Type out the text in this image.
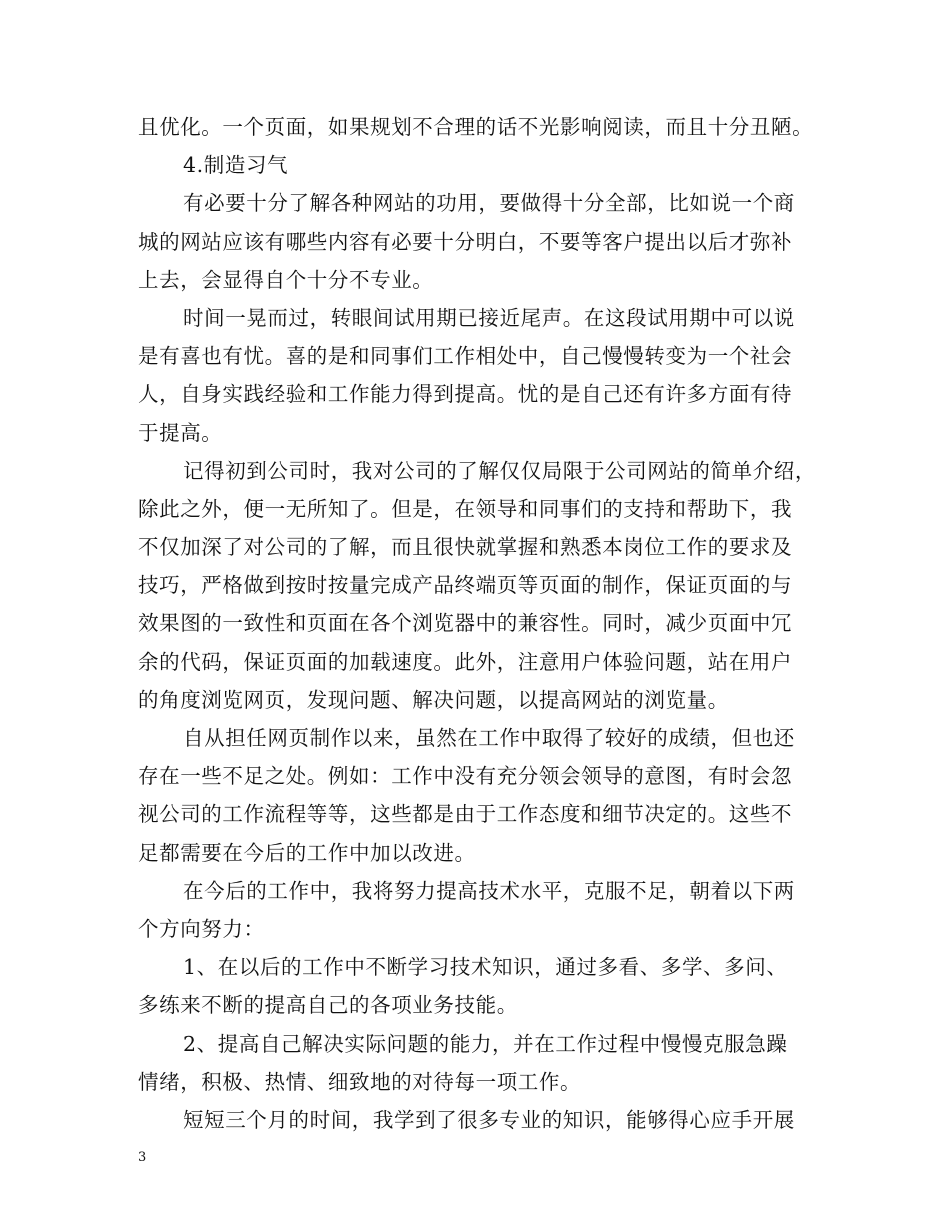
且优化。一个页面，如果规划不合理的话不光影响阅读，而且十分丑陋。
4.制造习气
有必要十分了解各种网站的功用，要做得十分全部，比如说一个商
城的网站应该有哪些内容有必要十分明白，不要等客户提出以后才弥补
上去，会显得自个十分不专业。
时间一晃而过，转眼间试用期已接近尾声。在这段试用期中可以说
是有喜也有忧。喜的是和同事们工作相处中，自己慢慢转变为一个社会
人，自身实践经验和工作能力得到提高。忧的是自己还有许多方面有待
于提高。
记得初到公司时，我对公司的了解仅仅局限于公司网站的简单介绍，
除此之外，便一无所知了。但是，在领导和同事们的支持和帮助下，我
不仅加深了对公司的了解，而且很快就掌握和熟悉本岗位工作的要求及
技巧，严格做到按时按量完成产品终端页等页面的制作，保证页面的与
效果图的一致性和页面在各个浏览器中的兼容性。同时，减少页面中冗
余的代码，保证页面的加载速度。此外，注意用户体验问题，站在用户
的角度浏览网页，发现问题、解决问题，以提高网站的浏览量。
自从担任网页制作以来，虽然在工作中取得了较好的成绩，但也还
存在一些不足之处。例如：工作中没有充分领会领导的意图，有时会忽
视公司的工作流程等等，这些都是由于工作态度和细节决定的。这些不
足都需要在今后的工作中加以改进。
在今后的工作中，我将努力提高技术水平，克服不足，朝着以下两
个方向努力：
1、在以后的工作中不断学习技术知识，通过多看、多学、多问、
多练来不断的提高自己的各项业务技能。
2、提高自己解决实际问题的能力，并在工作过程中慢慢克服急躁
情绪，积极、热情、细致地的对待每一项工作。
短短三个月的时间，我学到了很多专业的知识，能够得心应手开展
3
